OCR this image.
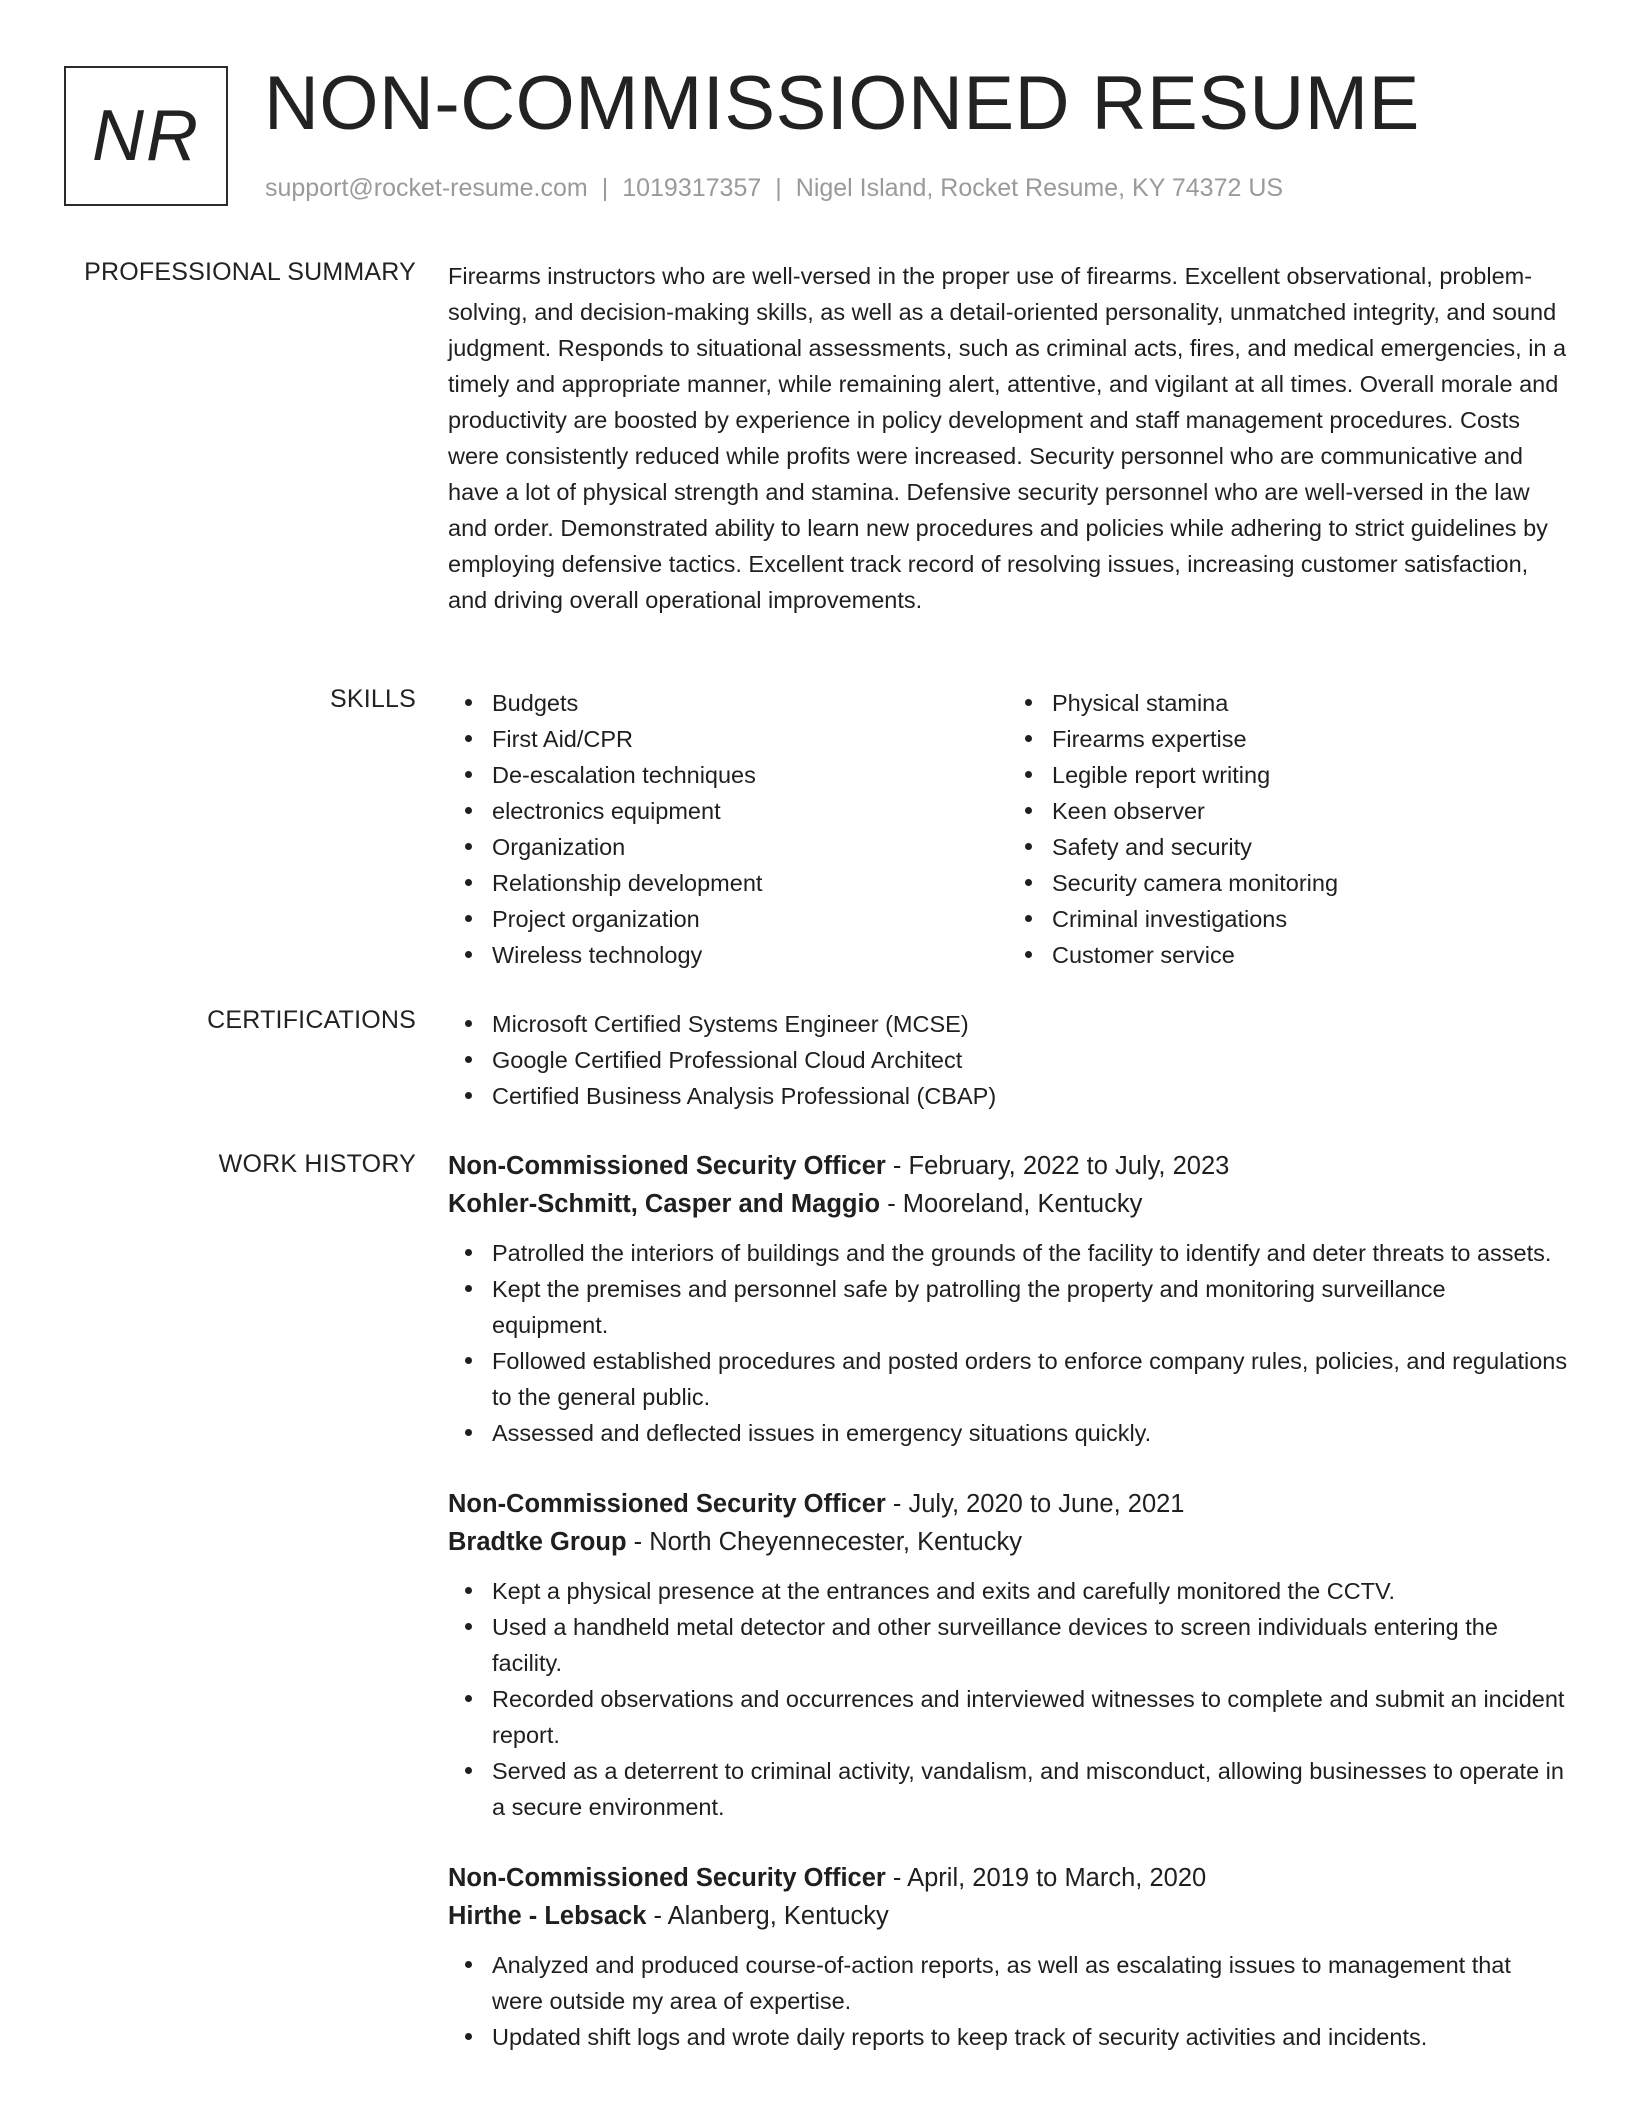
NR NON-COMMISSIONED RESUME
support@rocket-resume.com | 1019317357 | Nigel Island, Rocket Resume, KY 74372 US
PROFESSIONAL SUMMARY Firearms instructors who are well-versed in the proper use of firearms. Excellent observational, problem-solving, and decision-making skills, as well as a detail-oriented personality, unmatched integrity, and sound judgment. Responds to situational assessments, such as criminal acts, fires, and medical emergencies, in a timely and appropriate manner, while remaining alert, attentive, and vigilant at all times. Overall morale and productivity are boosted by experience in policy development and staff management procedures. Costs were consistently reduced while profits were increased. Security personnel who are communicative and have a lot of physical strength and stamina. Defensive security personnel who are well-versed in the law and order. Demonstrated ability to learn new procedures and policies while adhering to strict guidelines by employing defensive tactics. Excellent track record of resolving issues, increasing customer satisfaction, and driving overall operational improvements.

SKILLS	Budgets
First Aid/CPR
De-escalation techniques
electronics equipment
Organization
Relationship development
Project organization
Wireless technology
Physical stamina
Firearms expertise
Legible report writing
Keen observer
Safety and security
Security camera monitoring
Criminal investigations
Customer service
CERTIFICATIONS	Microsoft Certified Systems Engineer (MCSE)
Google Certified Professional Cloud Architect
Certified Business Analysis Professional (CBAP)
WORK HISTORY Non-Commissioned Security Officer - February, 2022 to July, 2023
Kohler-Schmitt, Casper and Maggio - Mooreland, Kentucky
Patrolled the interiors of buildings and the grounds of the facility to identify and deter threats to assets.
Kept the premises and personnel safe by patrolling the property and monitoring surveillance equipment.
Followed established procedures and posted orders to enforce company rules, policies, and regulations to the general public.
Assessed and deflected issues in emergency situations quickly.
Non-Commissioned Security Officer - July, 2020 to June, 2021
Bradtke Group - North Cheyennecester, Kentucky
Kept a physical presence at the entrances and exits and carefully monitored the CCTV.
Used a handheld metal detector and other surveillance devices to screen individuals entering the facility.
Recorded observations and occurrences and interviewed witnesses to complete and submit an incident report.
Served as a deterrent to criminal activity, vandalism, and misconduct, allowing businesses to operate in a secure environment.
Non-Commissioned Security Officer - April, 2019 to March, 2020
Hirthe - Lebsack - Alanberg, Kentucky
Analyzed and produced course-of-action reports, as well as escalating issues to management that were outside my area of expertise.
Updated shift logs and wrote daily reports to keep track of security activities and incidents.
